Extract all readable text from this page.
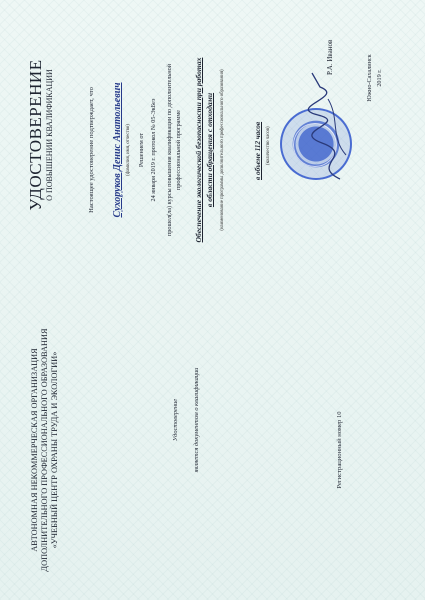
АВТОНОМНАЯ НЕКОММЕРЧЕСКАЯ ОРГАНИЗАЦИЯ ДОПОЛНИТЕЛЬНОГО ПРОФЕССИОНАЛЬНОГО ОБРАЗОВАНИЯ «УЧЕБНЫЙ ЦЕНТР ОХРАНЫ ТРУДА И ЭКОЛОГИИ»	Удостоверение является документом о квалификации	Регистрационный номер 10
УДОСТОВЕРЕНИЕ О ПОВЫШЕНИИ КВАЛИФИКАЦИИ	Настоящее удостоверение подтверждает, что Сухоруков Денис Анатольевич (фамилия, имя, отчество) Решением от 24 января 2019 г. протокол № 05-ЭкБез прошел(ла) курсы повышения квалификации по дополнительной профессиональной программе Обеспечение экологической безопасности при работах в области обращения с отходами (наименование программы дополнительного профессионального образования)	в объеме 112 часов (количество часов)
Р.А. Иванов	Южно-Сахалинск 2019 г.
